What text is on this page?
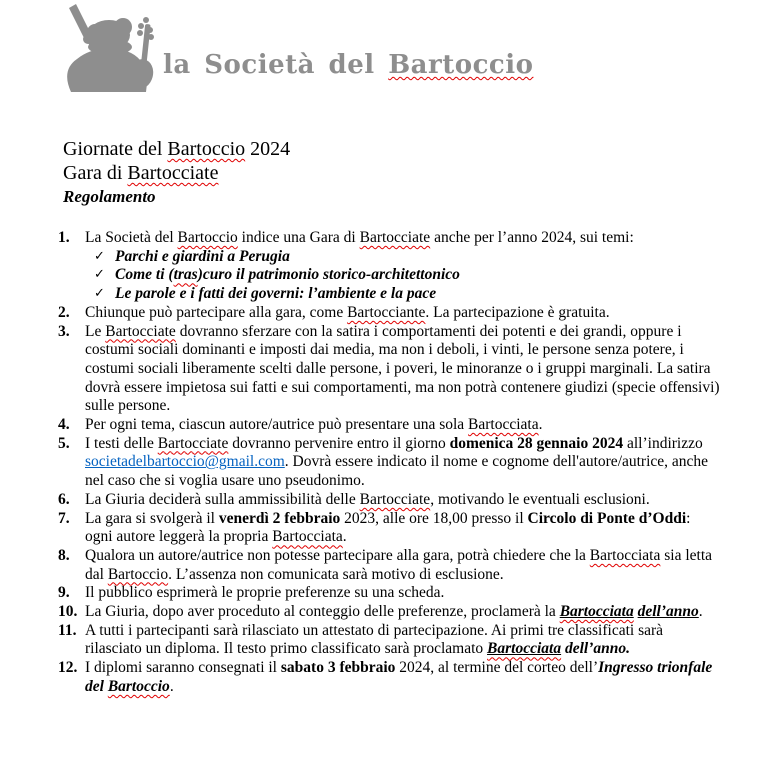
la Società del Bartoccio
Giornate del Bartoccio 2024
Gara di Bartocciate
Regolamento
1. La Società del Bartoccio indice una Gara di Bartocciate anche per l’anno 2024, sui temi:
✓ Parchi e giardini a Perugia
✓ Come ti (tras)curo il patrimonio storico-architettonico
✓ Le parole e i fatti dei governi: l’ambiente e la pace
2. Chiunque può partecipare alla gara, come Bartocciante. La partecipazione è gratuita.
3. Le Bartocciate dovranno sferzare con la satira i comportamenti dei potenti e dei grandi, oppure i costumi sociali dominanti e imposti dai media, ma non i deboli, i vinti, le persone senza potere, i costumi sociali liberamente scelti dalle persone, i poveri, le minoranze o i gruppi marginali. La satira dovrà essere impietosa sui fatti e sui comportamenti, ma non potrà contenere giudizi (specie offensivi) sulle persone.
4. Per ogni tema, ciascun autore/autrice può presentare una sola Bartocciata.
5. I testi delle Bartocciate dovranno pervenire entro il giorno domenica 28 gennaio 2024 all’indirizzo societadelbartoccio@gmail.com. Dovrà essere indicato il nome e cognome dell'autore/autrice, anche nel caso che si voglia usare uno pseudonimo.
6. La Giuria deciderà sulla ammissibilità delle Bartocciate, motivando le eventuali esclusioni.
7. La gara si svolgerà il venerdì 2 febbraio 2023, alle ore 18,00 presso il Circolo di Ponte d’Oddi: ogni autore leggerà la propria Bartocciata.
8. Qualora un autore/autrice non potesse partecipare alla gara, potrà chiedere che la Bartocciata sia letta dal Bartoccio. L’assenza non comunicata sarà motivo di esclusione.
9. Il pubblico esprimerà le proprie preferenze su una scheda.
10. La Giuria, dopo aver proceduto al conteggio delle preferenze, proclamerà la Bartocciata dell’anno.
11. A tutti i partecipanti sarà rilasciato un attestato di partecipazione. Ai primi tre classificati sarà rilasciato un diploma. Il testo primo classificato sarà proclamato Bartocciata dell’anno.
12. I diplomi saranno consegnati il sabato 3 febbraio 2024, al termine del corteo dell’Ingresso trionfale del Bartoccio.
